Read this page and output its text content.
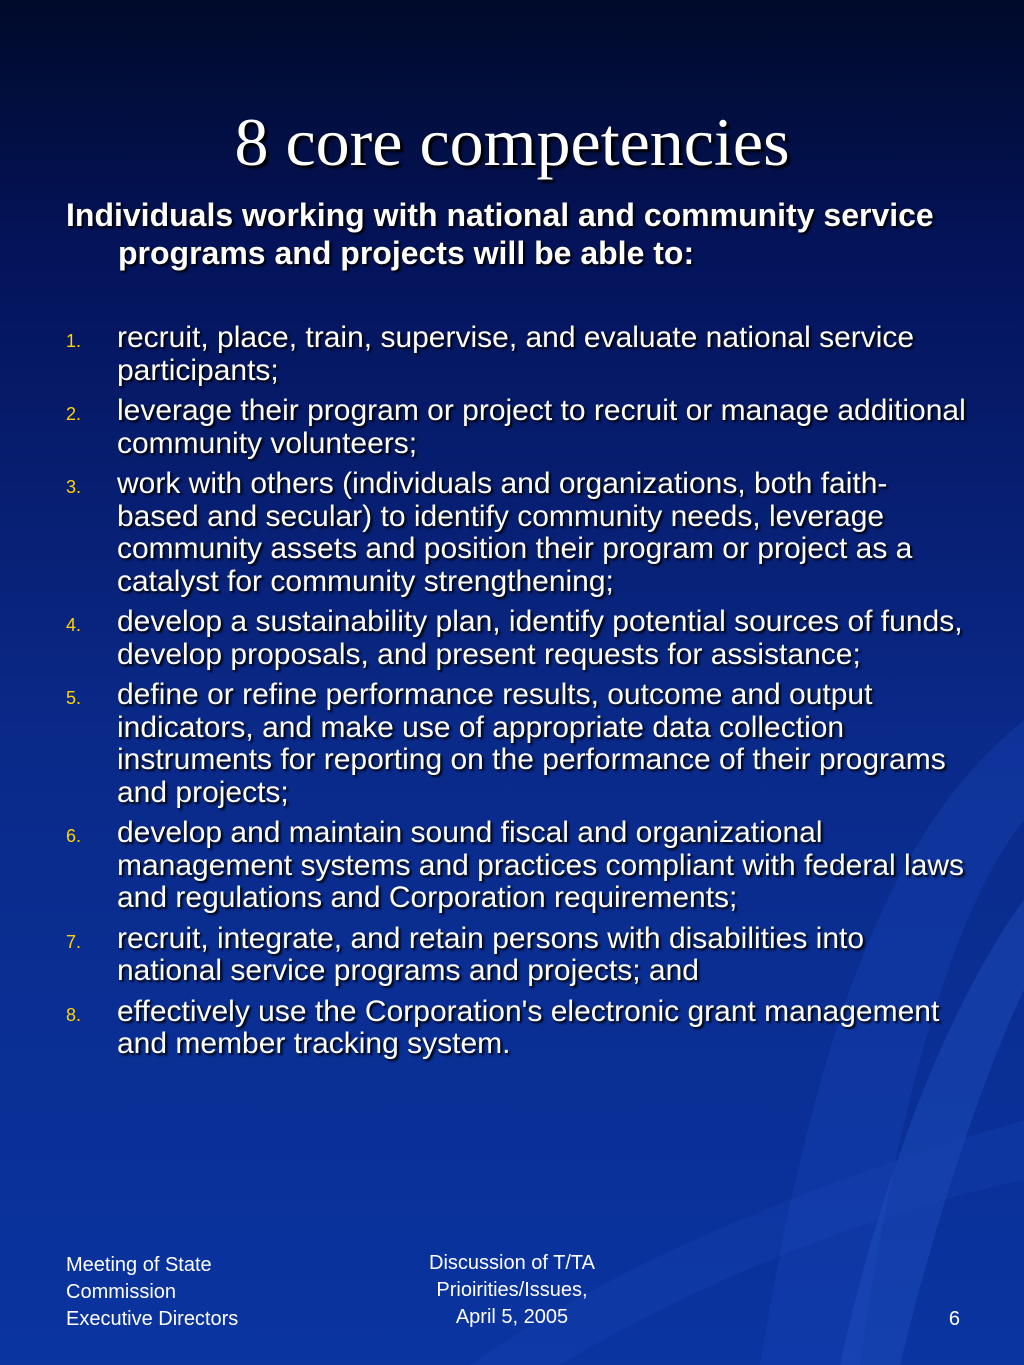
8 core competencies

Individuals working with national and community service programs and projects will be able to:

1.	recruit, place, train, supervise, and evaluate national service participants;
2.	leverage their program or project to recruit or manage additional community volunteers;
3.	work with others (individuals and organizations, both faith-based and secular) to identify community needs, leverage community assets and position their program or project as a catalyst for community strengthening;
4.	develop a sustainability plan, identify potential sources of funds, develop proposals, and present requests for assistance;
5.	define or refine performance results, outcome and output indicators, and make use of appropriate data collection instruments for reporting on the performance of their programs and projects;
6.	develop and maintain sound fiscal and organizational management systems and practices compliant with federal laws and regulations and Corporation requirements;
7.	recruit, integrate, and retain persons with disabilities into national service programs and projects; and
8.	effectively use the Corporation's electronic grant management and member tracking system.
Meeting of State
Commission
Executive Directors
Discussion of T/TA
Prioirities/Issues,
April 5, 2005	6
